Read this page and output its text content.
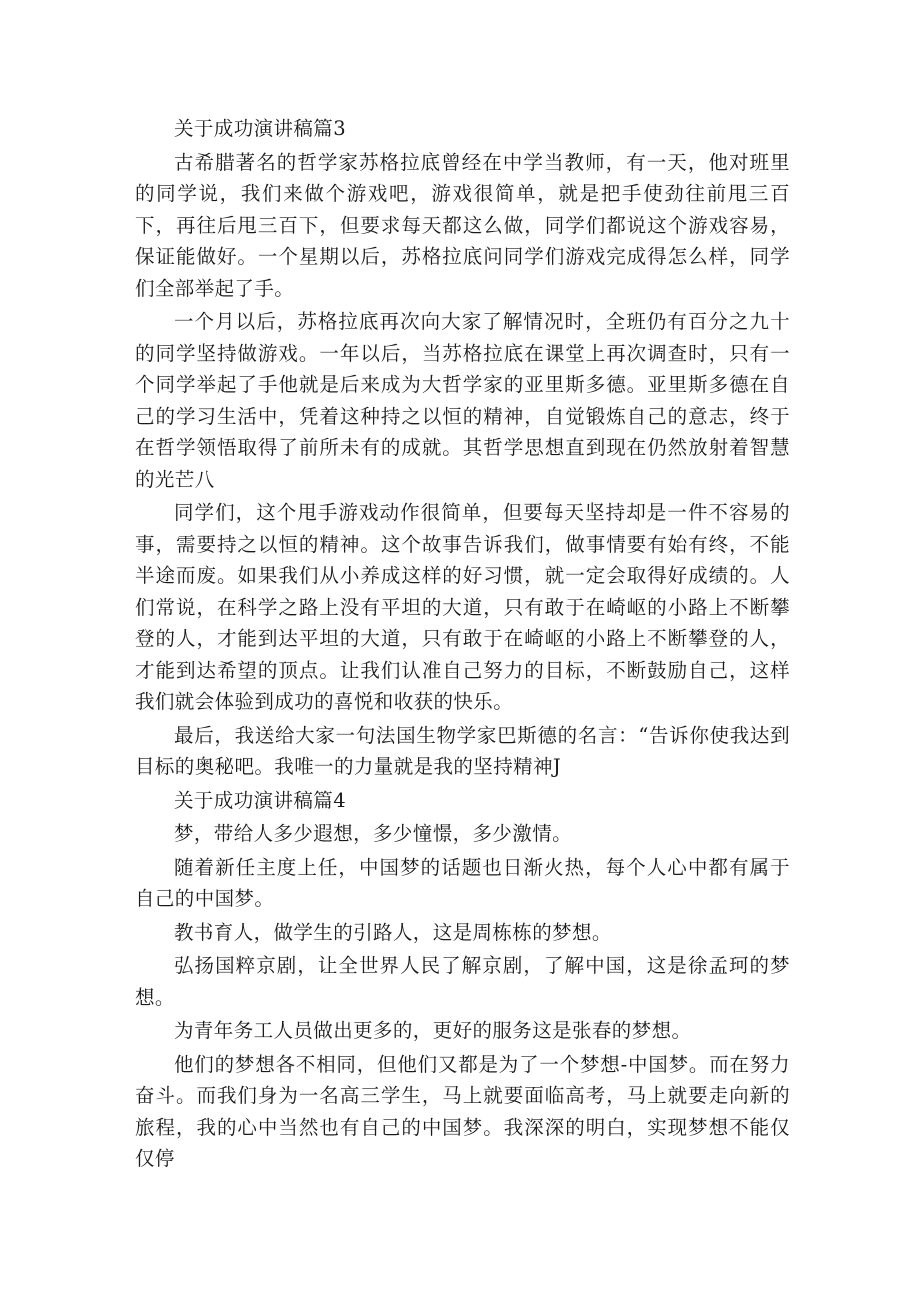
关于成功演讲稿篇3

古希腊著名的哲学家苏格拉底曾经在中学当教师，有一天，他对班里的同学说，我们来做个游戏吧，游戏很简单，就是把手使劲往前甩三百下，再往后甩三百下，但要求每天都这么做，同学们都说这个游戏容易，保证能做好。一个星期以后，苏格拉底问同学们游戏完成得怎么样，同学们全部举起了手。

一个月以后，苏格拉底再次向大家了解情况时，全班仍有百分之九十的同学坚持做游戏。一年以后，当苏格拉底在课堂上再次调查时，只有一个同学举起了手他就是后来成为大哲学家的亚里斯多德。亚里斯多德在自己的学习生活中，凭着这种持之以恒的精神，自觉锻炼自己的意志，终于在哲学领悟取得了前所未有的成就。其哲学思想直到现在仍然放射着智慧的光芒八

同学们，这个甩手游戏动作很简单，但要每天坚持却是一件不容易的事，需要持之以恒的精神。这个故事告诉我们，做事情要有始有终，不能半途而废。如果我们从小养成这样的好习惯，就一定会取得好成绩的。人们常说，在科学之路上没有平坦的大道，只有敢于在崎岖的小路上不断攀登的人，才能到达平坦的大道，只有敢于在崎岖的小路上不断攀登的人，才能到达希望的顶点。让我们认准自己努力的目标，不断鼓励自己，这样我们就会体验到成功的喜悦和收获的快乐。

最后，我送给大家一句法国生物学家巴斯德的名言：“告诉你使我达到目标的奥秘吧。我唯一的力量就是我的坚持精神J

关于成功演讲稿篇4

梦，带给人多少遐想，多少憧憬，多少激情。

随着新任主度上任，中国梦的话题也日渐火热，每个人心中都有属于自己的中国梦。

教书育人，做学生的引路人，这是周栋栋的梦想。

弘扬国粹京剧，让全世界人民了解京剧，了解中国，这是徐孟珂的梦想。

为青年务工人员做出更多的，更好的服务这是张春的梦想。

他们的梦想各不相同，但他们又都是为了一个梦想-中国梦。而在努力奋斗。而我们身为一名高三学生，马上就要面临高考，马上就要走向新的旅程，我的心中当然也有自己的中国梦。我深深的明白，实现梦想不能仅仅停
